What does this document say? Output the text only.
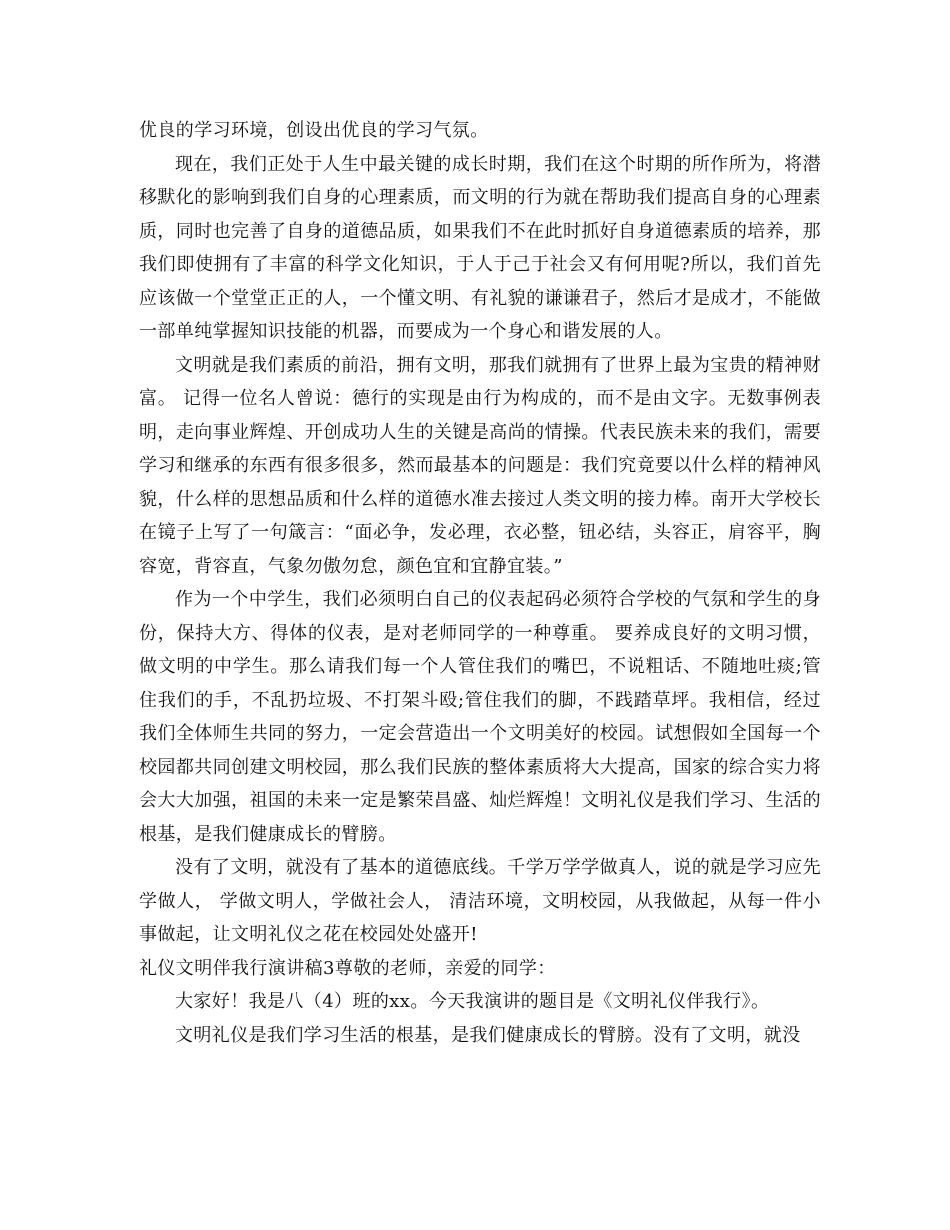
优良的学习环境，创设出优良的学习气氛。

现在，我们正处于人生中最关键的成长时期，我们在这个时期的所作所为，将潜移默化的影响到我们自身的心理素质，而文明的行为就在帮助我们提高自身的心理素质，同时也完善了自身的道德品质，如果我们不在此时抓好自身道德素质的培养，那我们即使拥有了丰富的科学文化知识，于人于己于社会又有何用呢?所以，我们首先应该做一个堂堂正正的人，一个懂文明、有礼貌的谦谦君子，然后才是成才，不能做一部单纯掌握知识技能的机器，而要成为一个身心和谐发展的人。

文明就是我们素质的前沿，拥有文明，那我们就拥有了世界上最为宝贵的精神财富。 记得一位名人曾说：德行的实现是由行为构成的，而不是由文字。无数事例表明，走向事业辉煌、开创成功人生的关键是高尚的情操。代表民族未来的我们，需要学习和继承的东西有很多很多，然而最基本的问题是：我们究竟要以什么样的精神风貌，什么样的思想品质和什么样的道德水准去接过人类文明的接力棒。南开大学校长在镜子上写了一句箴言：“面必争，发必理，衣必整，钮必结，头容正，肩容平，胸容宽，背容直，气象勿傲勿怠，颜色宜和宜静宜装。”

作为一个中学生，我们必须明白自己的仪表起码必须符合学校的气氛和学生的身份，保持大方、得体的仪表，是对老师同学的一种尊重。 要养成良好的文明习惯，做文明的中学生。那么请我们每一个人管住我们的嘴巴，不说粗话、不随地吐痰;管住我们的手，不乱扔垃圾、不打架斗殴;管住我们的脚，不践踏草坪。我相信，经过我们全体师生共同的努力，一定会营造出一个文明美好的校园。试想假如全国每一个校园都共同创建文明校园，那么我们民族的整体素质将大大提高，国家的综合实力将会大大加强，祖国的未来一定是繁荣昌盛、灿烂辉煌！文明礼仪是我们学习、生活的根基，是我们健康成长的臂膀。

没有了文明，就没有了基本的道德底线。千学万学学做真人，说的就是学习应先学做人， 学做文明人，学做社会人， 清洁环境，文明校园，从我做起，从每一件小事做起，让文明礼仪之花在校园处处盛开!

礼仪文明伴我行演讲稿3尊敬的老师，亲爱的同学：

大家好！我是八（4）班的xx。今天我演讲的题目是《文明礼仪伴我行》。

文明礼仪是我们学习生活的根基，是我们健康成长的臂膀。没有了文明，就没
